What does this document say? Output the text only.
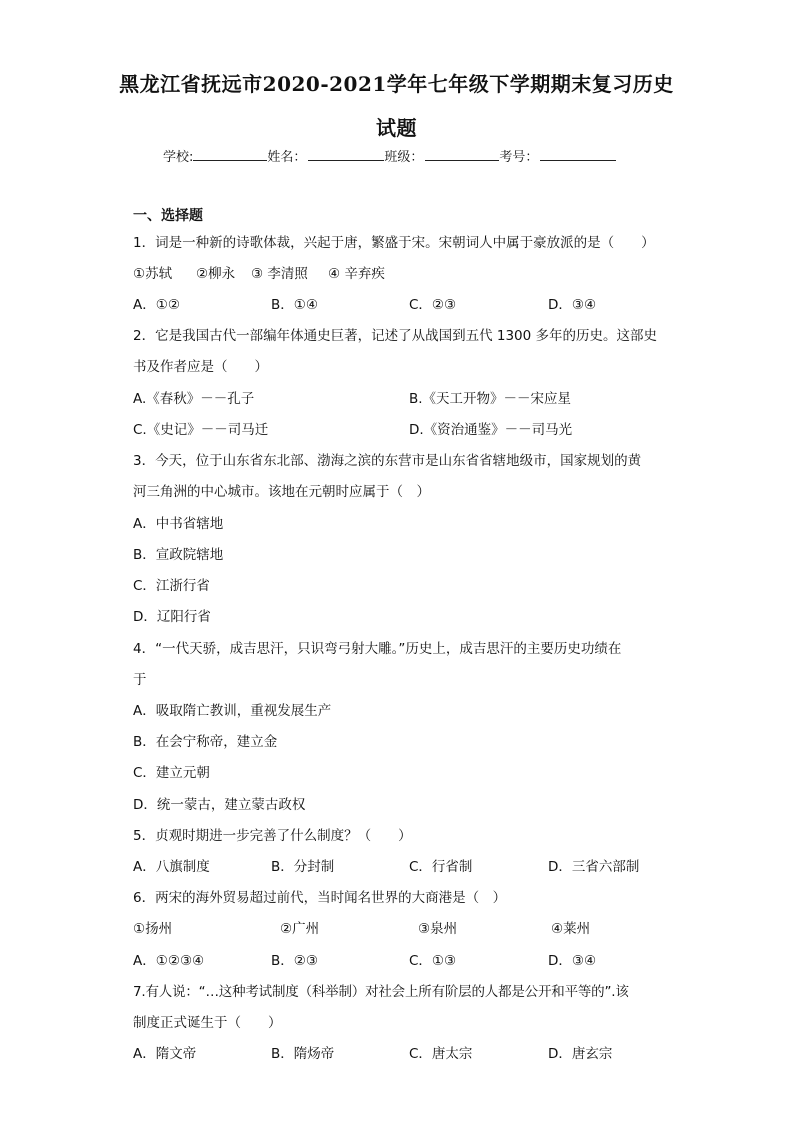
黑龙江省抚远市2020-2021学年七年级下学期期末复习历史
试题
学校:	姓名：	班级：	考号：
一、选择题
1．词是一种新的诗歌体裁，兴起于唐，繁盛于宋。宋朝词人中属于豪放派的是（　　）
①苏轼 ②柳永 ③ 李清照 ④ 辛弃疾
A．①②	B．①④	C．②③	D．③④
2．它是我国古代一部编年体通史巨著，记述了从战国到五代 1300 多年的历史。这部史
书及作者应是（　　）
A.《春秋》－－孔子	B.《天工开物》－－宋应星
C.《史记》－－司马迁	D.《资治通鉴》－－司马光
3．今天，位于山东省东北部、渤海之滨的东营市是山东省省辖地级市，国家规划的黄
河三角洲的中心城市。该地在元朝时应属于（　）
A．中书省辖地
B．宣政院辖地
C．江浙行省
D．辽阳行省
4．“一代天骄，成吉思汗，只识弯弓射大雕。”历史上，成吉思汗的主要历史功绩在
于
A．吸取隋亡教训，重视发展生产
B．在会宁称帝，建立金
C．建立元朝
D．统一蒙古，建立蒙古政权
5．贞观时期进一步完善了什么制度？（　　）
A．八旗制度	B．分封制	C．行省制	D．三省六部制
6．两宋的海外贸易超过前代，当时闻名世界的大商港是（　）
①扬州	②广州	③泉州	④莱州
A．①②③④	B．②③	C．①③	D．③④
7.有人说：“…这种考试制度（科举制）对社会上所有阶层的人都是公开和平等的”.该
制度正式诞生于（　　）
A．隋文帝	B．隋炀帝	C．唐太宗	D．唐玄宗
